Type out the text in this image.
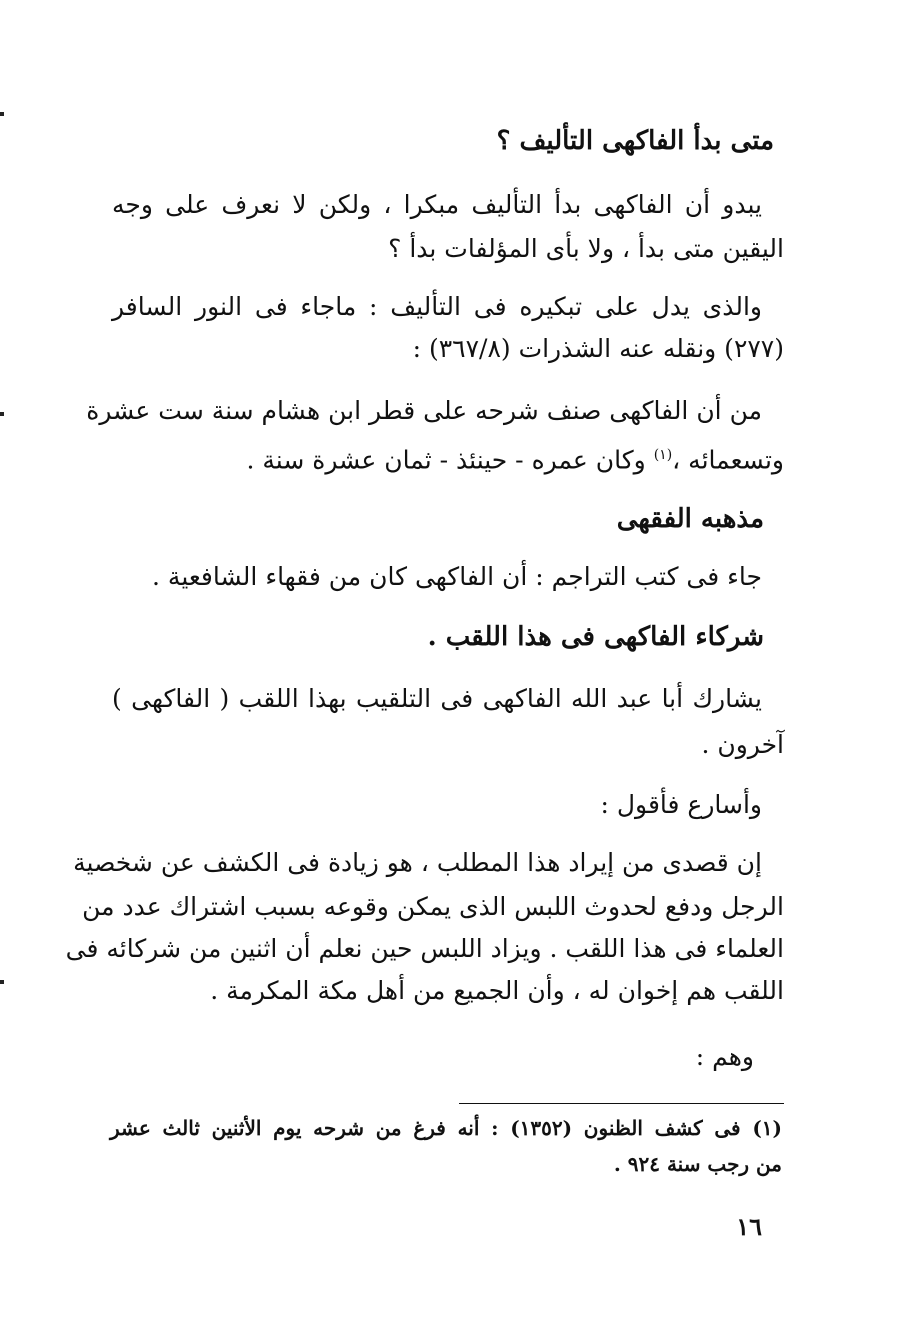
متى بدأ الفاكهى التأليف ؟
يبدو أن الفاكهى بدأ التأليف مبكرا ، ولكن لا نعرف على وجه
اليقين متى بدأ ، ولا بأى المؤلفات بدأ ؟
والذى يدل على تبكيره فى التأليف : ماجاء فى النور السافر
(٢٧٧) ونقله عنه الشذرات (٣٦٧/٨) :
من أن الفاكهى صنف شرحه على قطر ابن هشام سنة ست عشرة
وتسعمائه ،$^{(١)}$ وكان عمره - حينئذ - ثمان عشرة سنة .
مذهبه الفقهى
جاء فى كتب التراجم : أن الفاكهى كان من فقهاء الشافعية .
شركاء الفاكهى فى هذا اللقب .
يشارك أبا عبد الله الفاكهى فى التلقيب بهذا اللقب ( الفاكهى )
آخرون .
وأسارع فأقول :
إن قصدى من إيراد هذا المطلب ، هو زيادة فى الكشف عن شخصية
الرجل ودفع لحدوث اللبس الذى يمكن وقوعه بسبب اشتراك عدد من
العلماء فى هذا اللقب . ويزاد اللبس حين نعلم أن اثنين من شركائه فى
اللقب هم إخوان له ، وأن الجميع من أهل مكة المكرمة .
وهم :
(١) فى كشف الظنون (١٣٥٢) : أنه فرغ من شرحه يوم الأثنين ثالث عشر
من رجب سنة ٩٢٤ .
١٦
